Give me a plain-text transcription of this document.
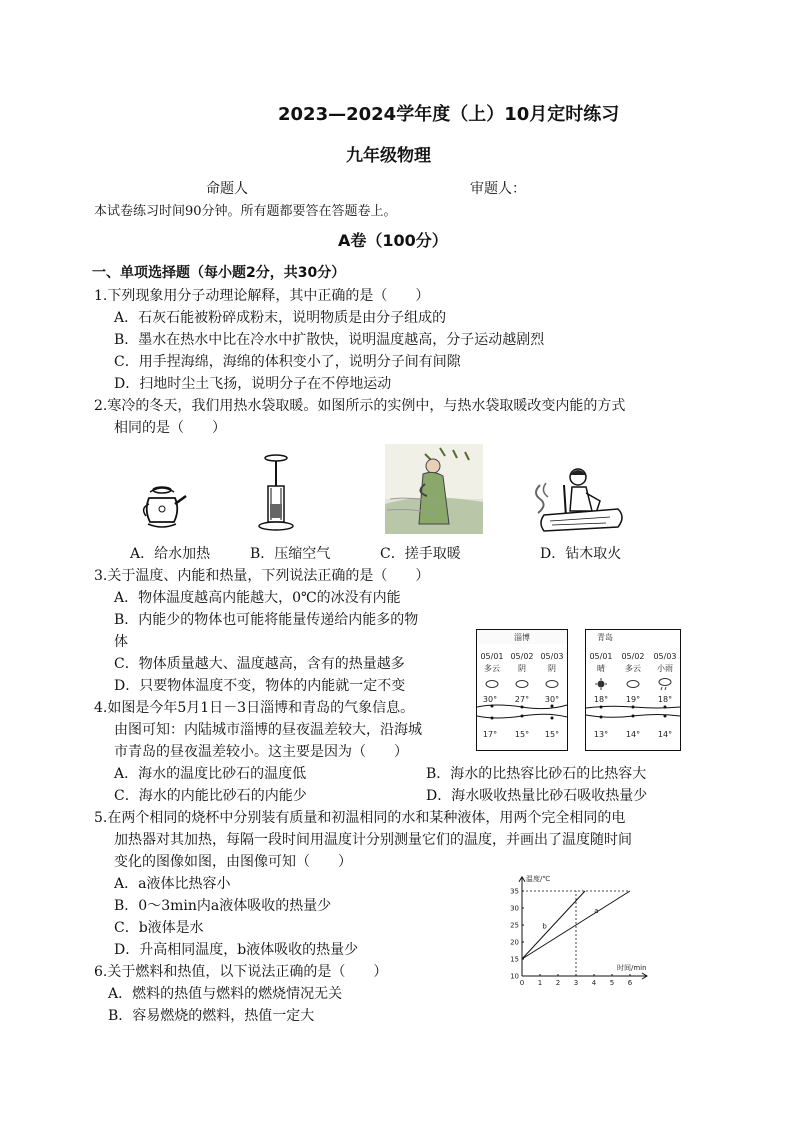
2023—2024学年度（上）10月定时练习
九年级物理
命题人	审题人：
本试卷练习时间90分钟。所有题都要答在答题卷上。
A卷（100分）
一、单项选择题（每小题2分，共30分）
1.下列现象用分子动理论解释，其中正确的是（　　）
A．石灰石能被粉碎成粉末，说明物质是由分子组成的
B．墨水在热水中比在冷水中扩散快，说明温度越高，分子运动越剧烈
C．用手捏海绵，海绵的体积变小了，说明分子间有间隙
D．扫地时尘土飞扬，说明分子在不停地运动
2.寒冷的冬天，我们用热水袋取暖。如图所示的实例中，与热水袋取暖改变内能的方式
相同的是（　　）
A．给水加热	B．压缩空气	C．搓手取暖	D．钻木取火
3.关于温度、内能和热量，下列说法正确的是（　　）
A．物体温度越高内能越大，0℃的冰没有内能
B．内能少的物体也可能将能量传递给内能多的物
体
C．物体质量越大、温度越高，含有的热量越多
D．只要物体温度不变，物体的内能就一定不变
淄博
05/01 05/02 05/03
多云 阴	阴
30° 27° 30°
17° 15° 15°
青岛
05/01 05/02 05/03
晴	多云 小雨
18° 19° 18°
13° 14° 14°
4.如图是今年5月1日－3日淄博和青岛的气象信息。
由图可知：内陆城市淄博的昼夜温差较大，沿海城
市青岛的昼夜温差较小。这主要是因为（　　）
A．海水的温度比砂石的温度低	B．海水的比热容比砂石的比热容大
C．海水的内能比砂石的内能少	D．海水吸收热量比砂石吸收热量少
5.在两个相同的烧杯中分别装有质量和初温相同的水和某种液体，用两个完全相同的电
加热器对其加热，每隔一段时间用温度计分别测量它们的温度，并画出了温度随时间
变化的图像如图，由图像可知（　　）
A．a液体比热容小
B．0～3min内a液体吸收的热量少
C．b液体是水
D．升高相同温度，b液体吸收的热量少
0 1 2 3 4 5 6
10
15
20
25
30
35
时间/min
温度/℃
b
a
6.关于燃料和热值，以下说法正确的是（　　）
A．燃料的热值与燃料的燃烧情况无关
B．容易燃烧的燃料，热值一定大
